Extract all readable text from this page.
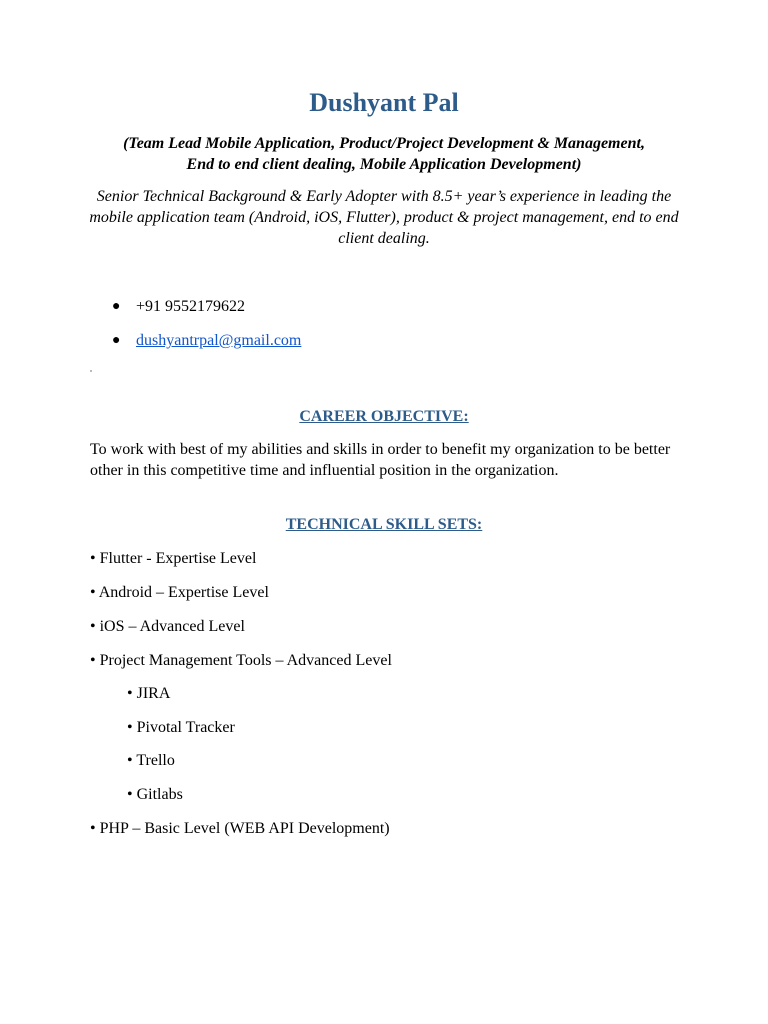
Dushyant Pal
(Team Lead Mobile Application, Product/Project Development & Management,
End to end client dealing, Mobile Application Development)
Senior Technical Background & Early Adopter with 8.5+ year’s experience in leading the mobile application team (Android, iOS, Flutter), product & project management, end to end client dealing.
● +91 9552179622
● dushyantrpal@gmail.com
CAREER OBJECTIVE:
To work with best of my abilities and skills in order to benefit my organization to be better other in this competitive time and influential position in the organization.
TECHNICAL SKILL SETS:
• Flutter - Expertise Level
• Android – Expertise Level
• iOS – Advanced Level
• Project Management Tools – Advanced Level
• JIRA
• Pivotal Tracker
• Trello
• Gitlabs
• PHP – Basic Level (WEB API Development)
